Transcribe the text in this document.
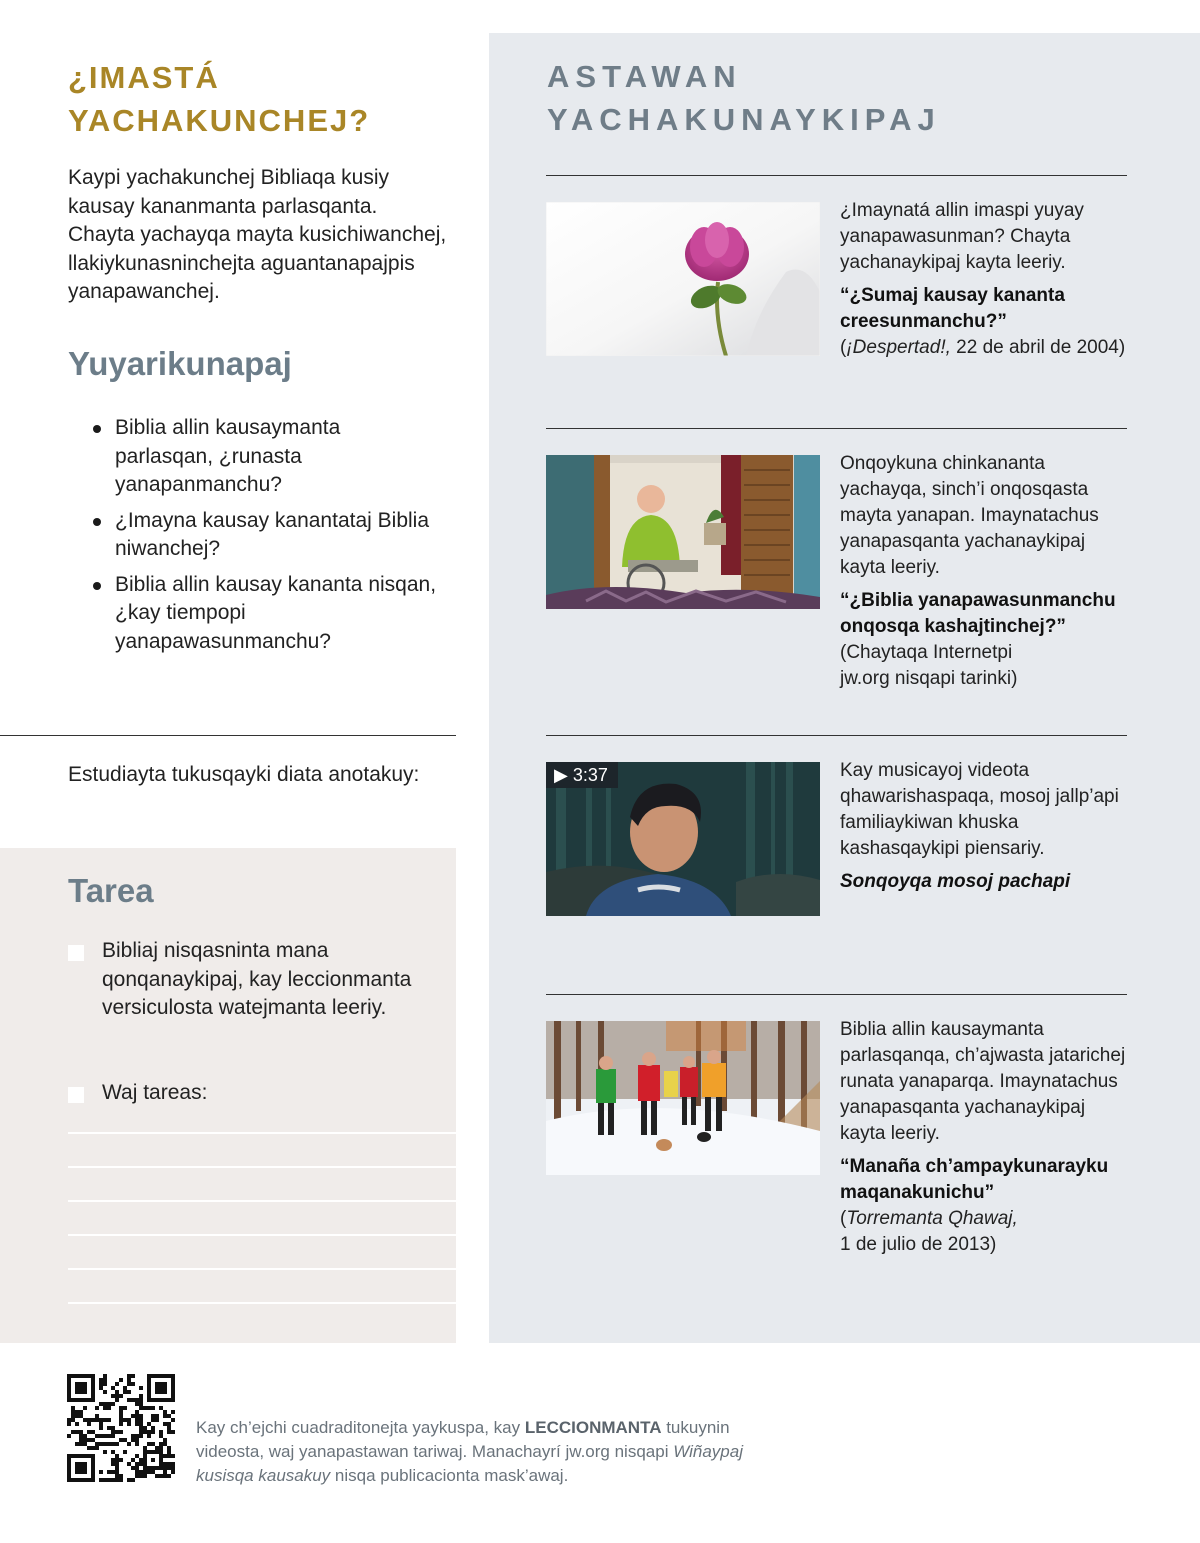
¿IMASTÁ
YACHAKUNCHEJ?

Kaypi yachakunchej Bibliaqa kusiy kausay kananmanta parlasqanta. Chayta yachayqa mayta kusichiwanchej, llakiykunasninchejta aguantanapajpis yanapawanchej.

Yuyarikunapaj
Biblia allin kausaymanta parlasqan, ¿runasta yanapanmanchu?
¿Imayna kausay kanantataj Biblia niwanchej?
Biblia allin kausay kananta nisqan, ¿kay tiempopi yanapawasunmanchu?

Estudiayta tukusqayki diata anotakuy:

Tarea

Bibliaj nisqasninta mana qonqanaykipaj, kay leccionmanta versiculosta watejmanta leeriy.

Waj tareas:

ASTAWAN
YACHAKUNAYKIPAJ
¿Imaynatá allin imaspi yuyay yanapawasunman? Chayta yachanaykipaj kayta leeriy.
“¿Sumaj kausay kananta creesunmanchu?”
(¡Despertad!, 22 de abril de 2004)
Onqoykuna chinkananta yachayqa, sinch’i onqosqasta mayta yanapan. Imaynatachus yanapasqanta yachanaykipaj kayta leeriy.
“¿Biblia yanapawasunmanchu onqosqa kashajtinchej?”
(Chaytaqa Internetpi
jw.org nisqapi tarinki)
▶ 3:37	Kay musicayoj videota qhawarishaspaqa, mosoj jallp’api familiaykiwan khuska kashasqaykipi piensariy.
Sonqoyqa mosoj pachapi
Biblia allin kausaymanta parlasqanqa, ch’ajwasta jatarichej runata yanaparqa. Imaynatachus yanapasqanta yachanaykipaj kayta leeriy.
“Manaña ch’ampaykunarayku maqanakunichu”
(Torremanta Qhawaj,
1 de julio de 2013)

Kay ch’ejchi cuadraditonejta yaykuspa, kay LECCIONMANTA tukuynin videosta, waj yanapastawan tariwaj. Manachayrí jw.org nisqapi Wiñaypaj kusisqa kausakuy nisqa publicacionta mask’awaj.
